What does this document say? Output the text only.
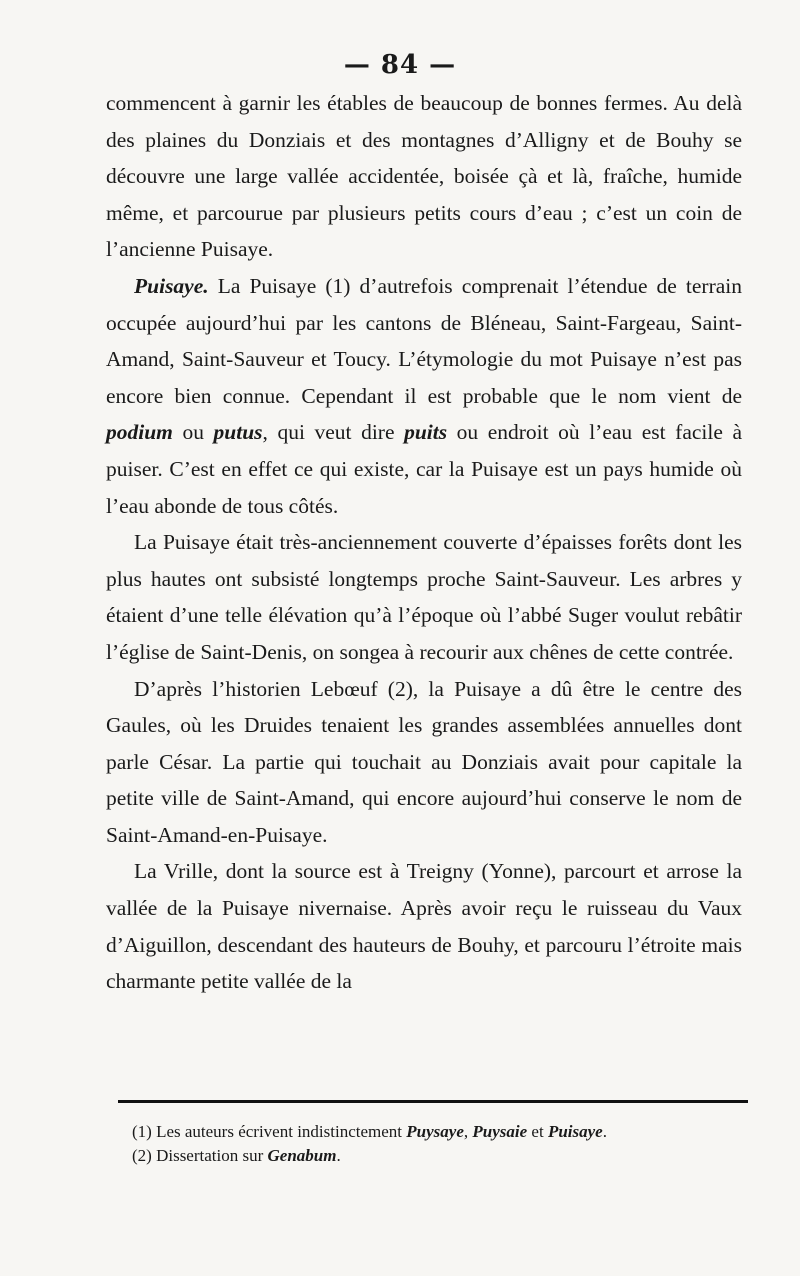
— 84 —

commencent à garnir les étables de beaucoup de bonnes fermes. Au delà des plaines du Donziais et des montagnes d’Alligny et de Bouhy se découvre une large vallée accidentée, boisée çà et là, fraîche, humide même, et parcourue par plusieurs petits cours d’eau ; c’est un coin de l’ancienne Puisaye.

Puisaye. La Puisaye (1) d’autrefois comprenait l’étendue de terrain occupée aujourd’hui par les cantons de Bléneau, Saint-Fargeau, Saint-Amand, Saint-Sauveur et Toucy. L’étymologie du mot Puisaye n’est pas encore bien connue. Cependant il est probable que le nom vient de podium ou putus, qui veut dire puits ou endroit où l’eau est facile à puiser. C’est en effet ce qui existe, car la Puisaye est un pays humide où l’eau abonde de tous côtés.

La Puisaye était très-anciennement couverte d’épaisses forêts dont les plus hautes ont subsisté longtemps proche Saint-Sauveur. Les arbres y étaient d’une telle élévation qu’à l’époque où l’abbé Suger voulut rebâtir l’église de Saint-Denis, on songea à recourir aux chênes de cette contrée.

D’après l’historien Lebœuf (2), la Puisaye a dû être le centre des Gaules, où les Druides tenaient les grandes assemblées annuelles dont parle César. La partie qui touchait au Donziais avait pour capitale la petite ville de Saint-Amand, qui encore aujourd’hui conserve le nom de Saint-Amand-en-Puisaye.

La Vrille, dont la source est à Treigny (Yonne), parcourt et arrose la vallée de la Puisaye nivernaise. Après avoir reçu le ruisseau du Vaux d’Aiguillon, descendant des hauteurs de Bouhy, et parcouru l’étroite mais charmante petite vallée de la

(1) Les auteurs écrivent indistinctement Puysaye, Puysaie et Puisaye.

(2) Dissertation sur Genabum.
